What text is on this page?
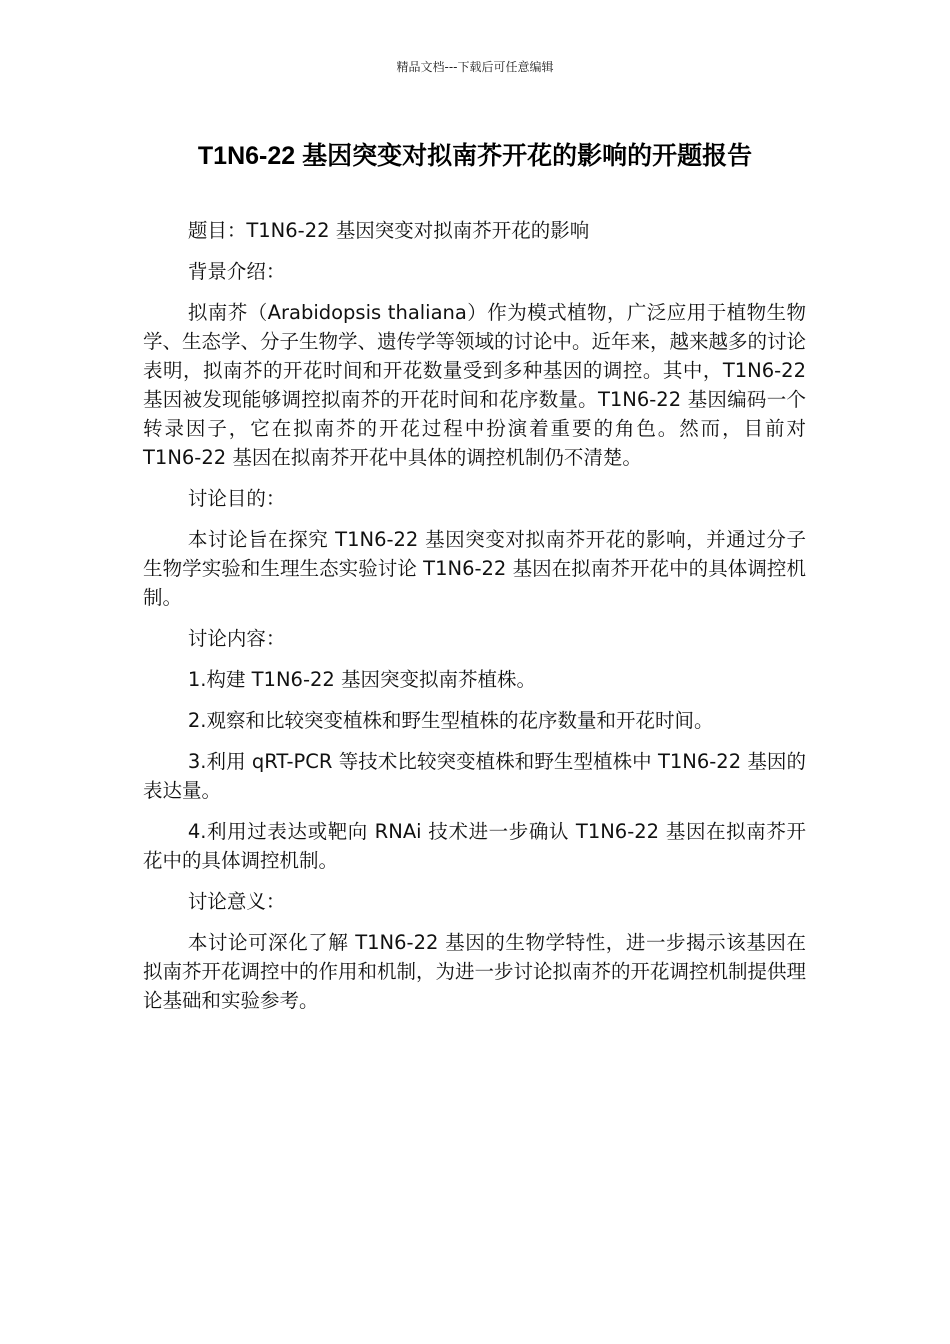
精品文档---下载后可任意编辑
T1N6-22 基因突变对拟南芥开花的影响的开题报告

题目：T1N6-22 基因突变对拟南芥开花的影响

背景介绍：

拟南芥（Arabidopsis thaliana）作为模式植物，广泛应用于植物生物学、生态学、分子生物学、遗传学等领域的讨论中。近年来，越来越多的讨论表明，拟南芥的开花时间和开花数量受到多种基因的调控。其中，T1N6-22 基因被发现能够调控拟南芥的开花时间和花序数量。T1N6-22 基因编码一个转录因子，它在拟南芥的开花过程中扮演着重要的角色。然而，目前对 T1N6-22 基因在拟南芥开花中具体的调控机制仍不清楚。

讨论目的：

本讨论旨在探究 T1N6-22 基因突变对拟南芥开花的影响，并通过分子生物学实验和生理生态实验讨论 T1N6-22 基因在拟南芥开花中的具体调控机制。

讨论内容：

1.构建 T1N6-22 基因突变拟南芥植株。

2.观察和比较突变植株和野生型植株的花序数量和开花时间。

3.利用 qRT-PCR 等技术比较突变植株和野生型植株中 T1N6-22 基因的表达量。

4.利用过表达或靶向 RNAi 技术进一步确认 T1N6-22 基因在拟南芥开花中的具体调控机制。

讨论意义：

本讨论可深化了解 T1N6-22 基因的生物学特性，进一步揭示该基因在拟南芥开花调控中的作用和机制，为进一步讨论拟南芥的开花调控机制提供理论基础和实验参考。
